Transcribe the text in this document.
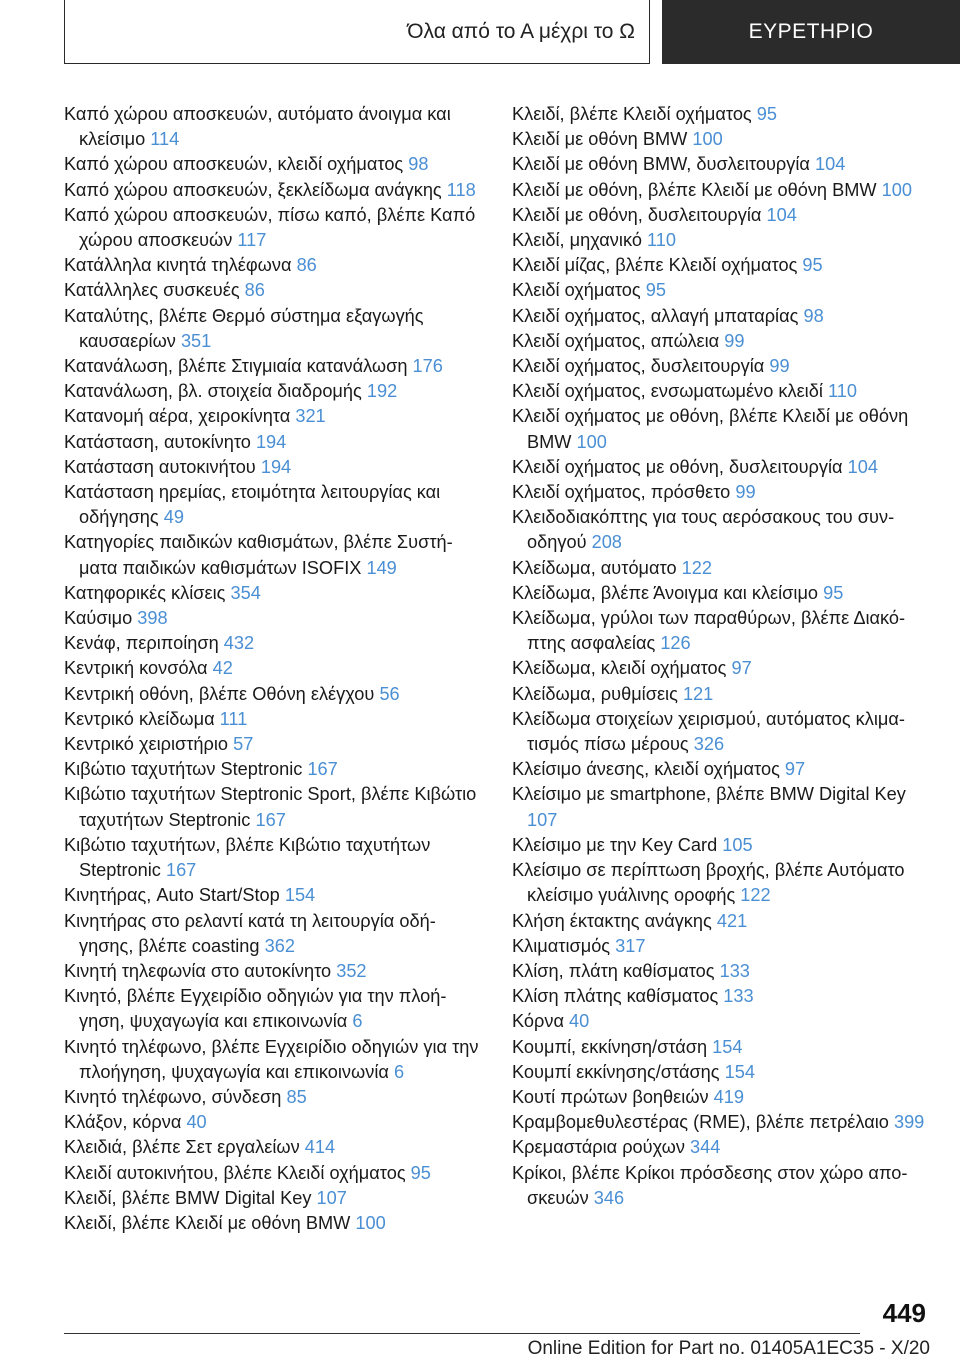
Όλα από το Α μέχρι το Ω	ΕΥΡΕΤΗΡΙΟ

Καπό χώρου αποσκευών, αυτόματο άνοιγμα και κλείσιμο 114

Καπό χώρου αποσκευών, κλειδί οχήματος 98

Καπό χώρου αποσκευών, ξεκλείδωμα ανάγκης 118

Καπό χώρου αποσκευών, πίσω καπό, βλέπε Καπό χώρου αποσκευών 117

Κατάλληλα κινητά τηλέφωνα 86

Κατάλληλες συσκευές 86

Καταλύτης, βλέπε Θερμό σύστημα εξαγωγής καυσαερίων 351

Κατανάλωση, βλέπε Στιγμιαία κατανάλωση 176

Κατανάλωση, βλ. στοιχεία διαδρομής 192

Κατανομή αέρα, χειροκίνητα 321

Κατάσταση, αυτοκίνητο 194

Κατάσταση αυτοκινήτου 194

Κατάσταση ηρεμίας, ετοιμότητα λειτουργίας και οδήγησης 49

Κατηγορίες παιδικών καθισμάτων, βλέπε Συστήματα παιδικών καθισμάτων ISOFIX 149

Κατηφορικές κλίσεις 354

Καύσιμο 398

Κενάφ, περιποίηση 432

Κεντρική κονσόλα 42

Κεντρική οθόνη, βλέπε Οθόνη ελέγχου 56

Κεντρικό κλείδωμα 111

Κεντρικό χειριστήριο 57

Κιβώτιο ταχυτήτων Steptronic 167

Κιβώτιο ταχυτήτων Steptronic Sport, βλέπε Κιβώτιο ταχυτήτων Steptronic 167

Κιβώτιο ταχυτήτων, βλέπε Κιβώτιο ταχυτήτων Steptronic 167

Κινητήρας, Auto Start/Stop 154

Κινητήρας στο ρελαντί κατά τη λειτουργία οδήγησης, βλέπε coasting 362

Κινητή τηλεφωνία στο αυτοκίνητο 352

Κινητό, βλέπε Εγχειρίδιο οδηγιών για την πλοήγηση, ψυχαγωγία και επικοινωνία 6

Κινητό τηλέφωνο, βλέπε Εγχειρίδιο οδηγιών για την πλοήγηση, ψυχαγωγία και επικοινωνία 6

Κινητό τηλέφωνο, σύνδεση 85

Κλάξον, κόρνα 40

Κλειδιά, βλέπε Σετ εργαλείων 414

Κλειδί αυτοκινήτου, βλέπε Κλειδί οχήματος 95

Κλειδί, βλέπε BMW Digital Key 107

Κλειδί, βλέπε Κλειδί με οθόνη BMW 100

Κλειδί, βλέπε Κλειδί οχήματος 95

Κλειδί με οθόνη BMW 100

Κλειδί με οθόνη BMW, δυσλειτουργία 104

Κλειδί με οθόνη, βλέπε Κλειδί με οθόνη BMW 100

Κλειδί με οθόνη, δυσλειτουργία 104

Κλειδί, μηχανικό 110

Κλειδί μίζας, βλέπε Κλειδί οχήματος 95

Κλειδί οχήματος 95

Κλειδί οχήματος, αλλαγή μπαταρίας 98

Κλειδί οχήματος, απώλεια 99

Κλειδί οχήματος, δυσλειτουργία 99

Κλειδί οχήματος, ενσωματωμένο κλειδί 110

Κλειδί οχήματος με οθόνη, βλέπε Κλειδί με οθόνη BMW 100

Κλειδί οχήματος με οθόνη, δυσλειτουργία 104

Κλειδί οχήματος, πρόσθετο 99

Κλειδοδιακόπτης για τους αερόσακους του συνοδηγού 208

Κλείδωμα, αυτόματο 122

Κλείδωμα, βλέπε Άνοιγμα και κλείσιμο 95

Κλείδωμα, γρύλοι των παραθύρων, βλέπε Διακόπτης ασφαλείας 126

Κλείδωμα, κλειδί οχήματος 97

Κλείδωμα, ρυθμίσεις 121

Κλείδωμα στοιχείων χειρισμού, αυτόματος κλιματισμός πίσω μέρους 326

Κλείσιμο άνεσης, κλειδί οχήματος 97

Κλείσιμο με smartphone, βλέπε BMW Digital Key 107

Κλείσιμο με την Key Card 105

Κλείσιμο σε περίπτωση βροχής, βλέπε Αυτόματο κλείσιμο γυάλινης οροφής 122

Κλήση έκτακτης ανάγκης 421

Κλιματισμός 317

Κλίση, πλάτη καθίσματος 133

Κλίση πλάτης καθίσματος 133

Κόρνα 40

Κουμπί, εκκίνηση/στάση 154

Κουμπί εκκίνησης/στάσης 154

Κουτί πρώτων βοηθειών 419

Κραμβομεθυλεστέρας (RME), βλέπε πετρέλαιο 399

Κρεμαστάρια ρούχων 344

Κρίκοι, βλέπε Κρίκοι πρόσδεσης στον χώρο αποσκευών 346

449
Online Edition for Part no. 01405A1EC35 - X/20
